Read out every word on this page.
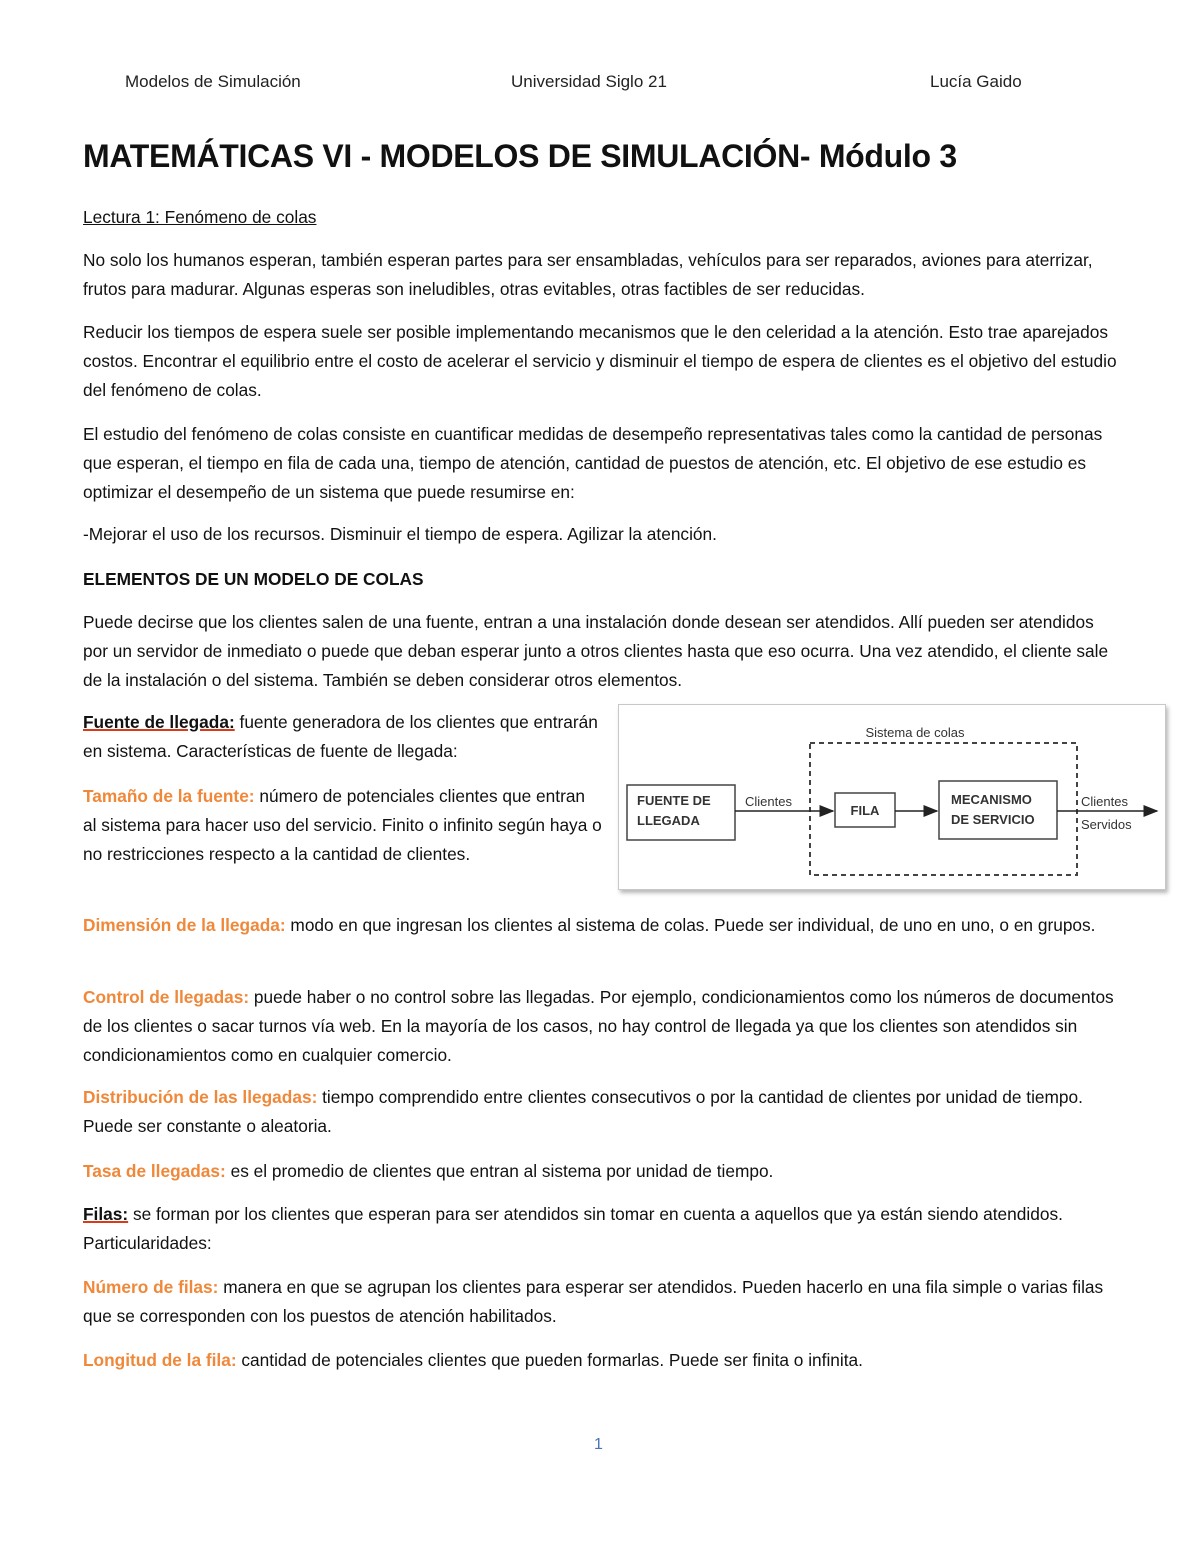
Modelos de Simulación	Universidad Siglo 21	Lucía Gaido
MATEMÁTICAS VI - MODELOS DE SIMULACIÓN- Módulo 3

Lectura 1: Fenómeno de colas

No solo los humanos esperan, también esperan partes para ser ensambladas, vehículos para ser reparados, aviones para aterrizar, frutos para madurar. Algunas esperas son ineludibles, otras evitables, otras factibles de ser reducidas.

Reducir los tiempos de espera suele ser posible implementando mecanismos que le den celeridad a la atención. Esto trae aparejados costos. Encontrar el equilibrio entre el costo de acelerar el servicio y disminuir el tiempo de espera de clientes es el objetivo del estudio del fenómeno de colas.

El estudio del fenómeno de colas consiste en cuantificar medidas de desempeño representativas tales como la cantidad de personas que esperan, el tiempo en fila de cada una, tiempo de atención, cantidad de puestos de atención, etc. El objetivo de ese estudio es optimizar el desempeño de un sistema que puede resumirse en:

-Mejorar el uso de los recursos. Disminuir el tiempo de espera. Agilizar la atención.

ELEMENTOS DE UN MODELO DE COLAS

Puede decirse que los clientes salen de una fuente, entran a una instalación donde desean ser atendidos. Allí pueden ser atendidos por un servidor de inmediato o puede que deban esperar junto a otros clientes hasta que eso ocurra. Una vez atendido, el cliente sale de la instalación o del sistema. También se deben considerar otros elementos.

Fuente de llegada: fuente generadora de los clientes que entrarán en sistema. Características de fuente de llegada:

Tamaño de la fuente: número de potenciales clientes que entran al sistema para hacer uso del servicio. Finito o infinito según haya o no restricciones respecto a la cantidad de clientes.

Dimensión de la llegada: modo en que ingresan los clientes al sistema de colas. Puede ser individual, de uno en uno, o en grupos.

Control de llegadas: puede haber o no control sobre las llegadas. Por ejemplo, condicionamientos como los números de documentos de los clientes o sacar turnos vía web. En la mayoría de los casos, no hay control de llegada ya que los clientes son atendidos sin condicionamientos como en cualquier comercio.

Distribución de las llegadas: tiempo comprendido entre clientes consecutivos o por la cantidad de clientes por unidad de tiempo. Puede ser constante o aleatoria.

Tasa de llegadas: es el promedio de clientes que entran al sistema por unidad de tiempo.

Filas: se forman por los clientes que esperan para ser atendidos sin tomar en cuenta a aquellos que ya están siendo atendidos. Particularidades:

Número de filas: manera en que se agrupan los clientes para esperar ser atendidos. Pueden hacerlo en una fila simple o varias filas que se corresponden con los puestos de atención habilitados.

Longitud de la fila: cantidad de potenciales clientes que pueden formarlas. Puede ser finita o infinita.

Sistema de colas
FUENTE DE
LLEGADA
Clientes
FILA
MECANISMO
DE SERVICIO
Clientes
Servidos
1
